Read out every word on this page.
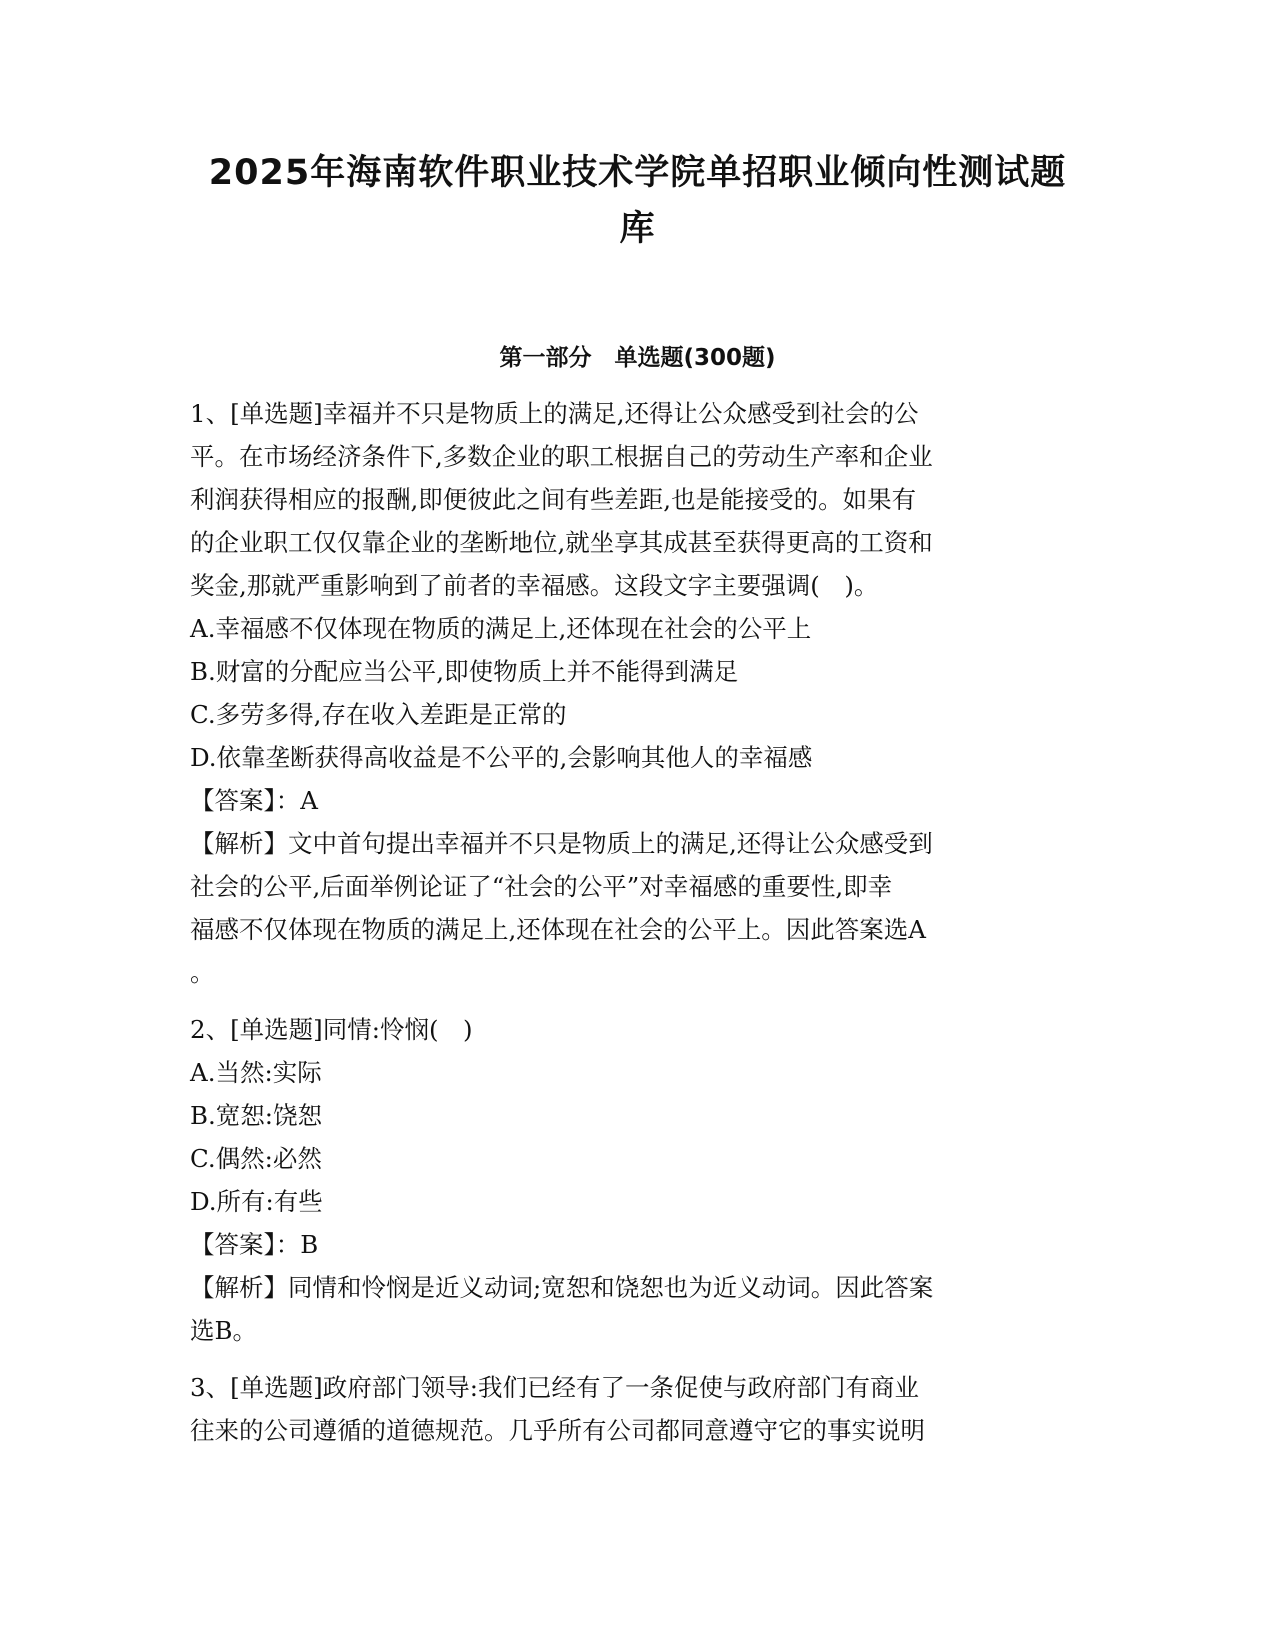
2025年海南软件职业技术学院单招职业倾向性测试题
库
第一部分　单选题(300题)
1、[单选题]幸福并不只是物质上的满足,还得让公众感受到社会的公
平。在市场经济条件下,多数企业的职工根据自己的劳动生产率和企业
利润获得相应的报酬,即便彼此之间有些差距,也是能接受的。如果有
的企业职工仅仅靠企业的垄断地位,就坐享其成甚至获得更高的工资和
奖金,那就严重影响到了前者的幸福感。这段文字主要强调(　)。
A.幸福感不仅体现在物质的满足上,还体现在社会的公平上
B.财富的分配应当公平,即使物质上并不能得到满足
C.多劳多得,存在收入差距是正常的
D.依靠垄断获得高收益是不公平的,会影响其他人的幸福感
【答案】：A
【解析】文中首句提出幸福并不只是物质上的满足,还得让公众感受到
社会的公平,后面举例论证了“社会的公平”对幸福感的重要性,即幸
福感不仅体现在物质的满足上,还体现在社会的公平上。因此答案选A
。
2、[单选题]同情:怜悯(　)
A.当然:实际
B.宽恕:饶恕
C.偶然:必然
D.所有:有些
【答案】：B
【解析】同情和怜悯是近义动词;宽恕和饶恕也为近义动词。因此答案
选B。
3、[单选题]政府部门领导:我们已经有了一条促使与政府部门有商业
往来的公司遵循的道德规范。几乎所有公司都同意遵守它的事实说明
